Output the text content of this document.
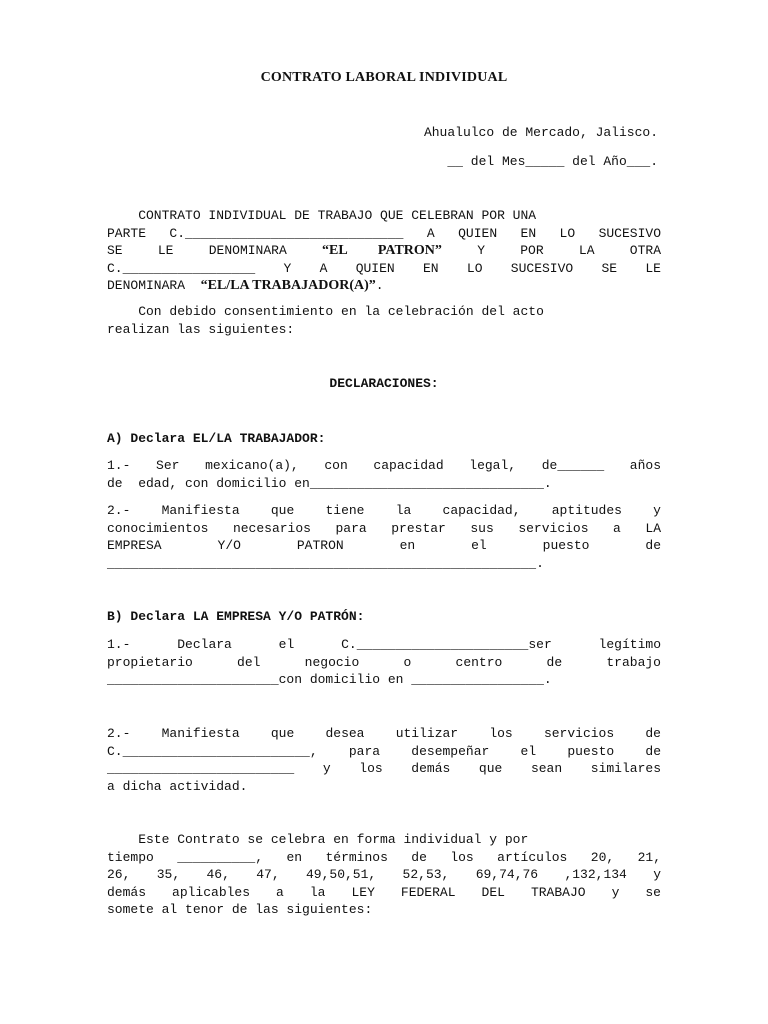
CONTRATO LABORAL INDIVIDUAL
Ahualulco de Mercado, Jalisco.
__ del Mes_____ del Año___.
CONTRATO INDIVIDUAL DE TRABAJO QUE CELEBRAN POR UNA
PARTE C.____________________________ A QUIEN EN LO SUCESIVO
SE LE DENOMINARA “EL PATRON”	Y POR LA OTRA
C._________________ Y A QUIEN EN LO SUCESIVO SE LE
DENOMINARA  “EL/LA TRABAJADOR(A)”.
Con debido consentimiento en la celebración del acto
realizan las siguientes:
DECLARACIONES:
A) Declara EL/LA TRABAJADOR:
1.- Ser mexicano(a), con capacidad legal, de______ años
de  edad, con domicilio en______________________________.
2.- Manifiesta que tiene la capacidad, aptitudes y
conocimientos necesarios para prestar sus servicios a LA
EMPRESA Y/O PATRON en el puesto de
_______________________________________________________.
B) Declara LA EMPRESA Y/O PATRÓN:
1.- Declara el C.______________________ser legítimo
propietario del negocio o centro de trabajo
______________________con domicilio en _________________.
2.- Manifiesta que desea utilizar los servicios de
C.________________________, para desempeñar el puesto de
________________________ y los demás que sean similares
a dicha actividad.
Este Contrato se celebra en forma individual y por
tiempo __________, en términos de los artículos 20, 21,
26, 35, 46, 47, 49,50,51, 52,53, 69,74,76 ,132,134 y
demás aplicables a la LEY FEDERAL DEL TRABAJO y se
somete al tenor de las siguientes:
